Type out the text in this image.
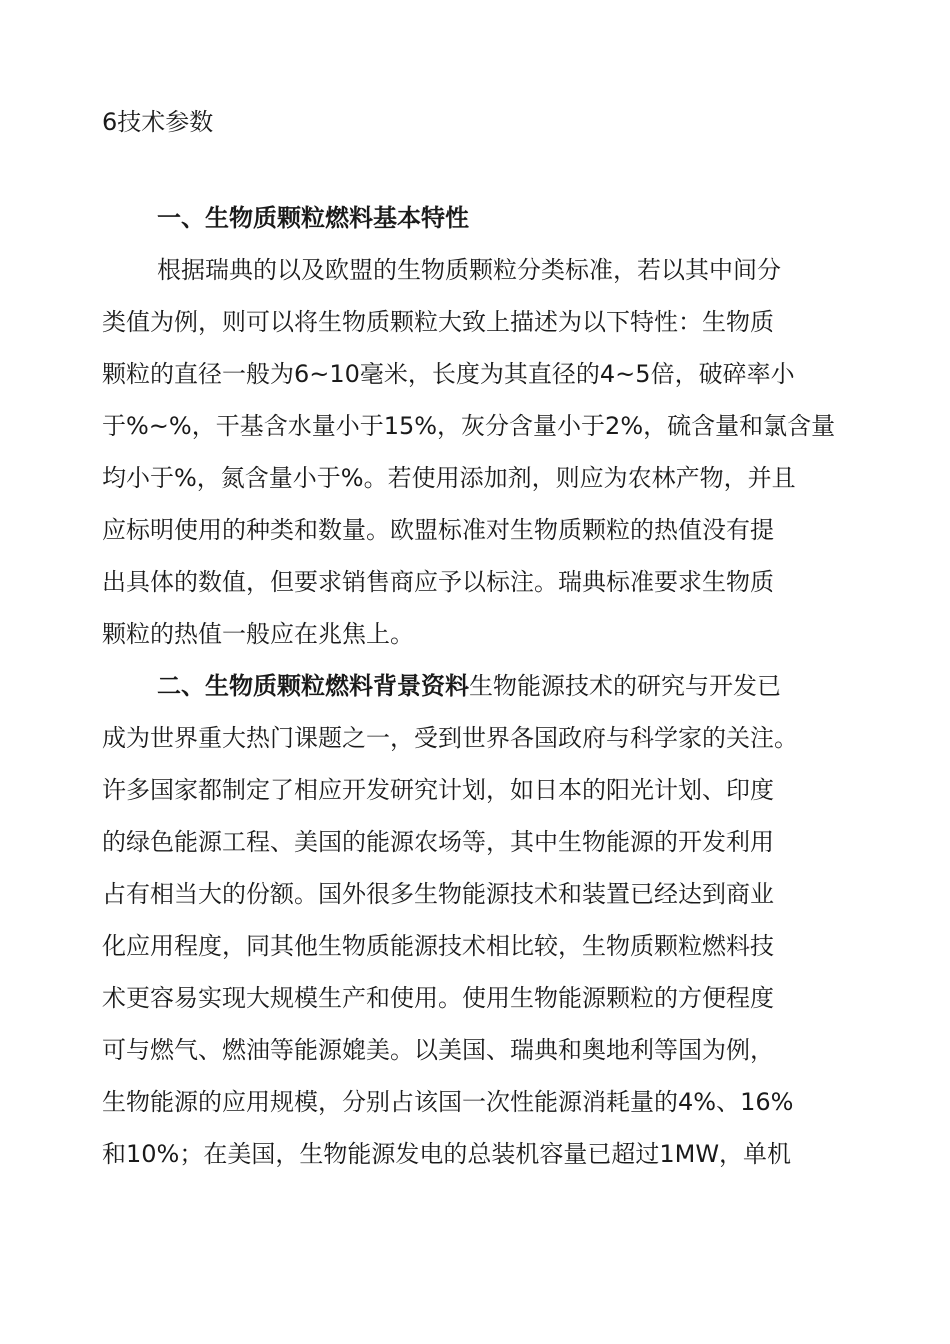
6技术参数
一、生物质颗粒燃料基本特性
根据瑞典的以及欧盟的生物质颗粒分类标准，若以其中间分
类值为例，则可以将生物质颗粒大致上描述为以下特性：生物质
颗粒的直径一般为6~10毫米，长度为其直径的4~5倍，破碎率小
于%~%，干基含水量小于15%，灰分含量小于2%，硫含量和氯含量
均小于%，氮含量小于%。若使用添加剂，则应为农林产物，并且
应标明使用的种类和数量。欧盟标准对生物质颗粒的热值没有提
出具体的数值，但要求销售商应予以标注。瑞典标准要求生物质
颗粒的热值一般应在兆焦上。
二、生物质颗粒燃料背景资料生物能源技术的研究与开发已
成为世界重大热门课题之一，受到世界各国政府与科学家的关注。
许多国家都制定了相应开发研究计划，如日本的阳光计划、印度
的绿色能源工程、美国的能源农场等，其中生物能源的开发利用
占有相当大的份额。国外很多生物能源技术和装置已经达到商业
化应用程度，同其他生物质能源技术相比较，生物质颗粒燃料技
术更容易实现大规模生产和使用。使用生物能源颗粒的方便程度
可与燃气、燃油等能源媲美。以美国、瑞典和奥地利等国为例，
生物能源的应用规模，分别占该国一次性能源消耗量的4%、16%
和10%；在美国，生物能源发电的总装机容量已超过1MW，单机
